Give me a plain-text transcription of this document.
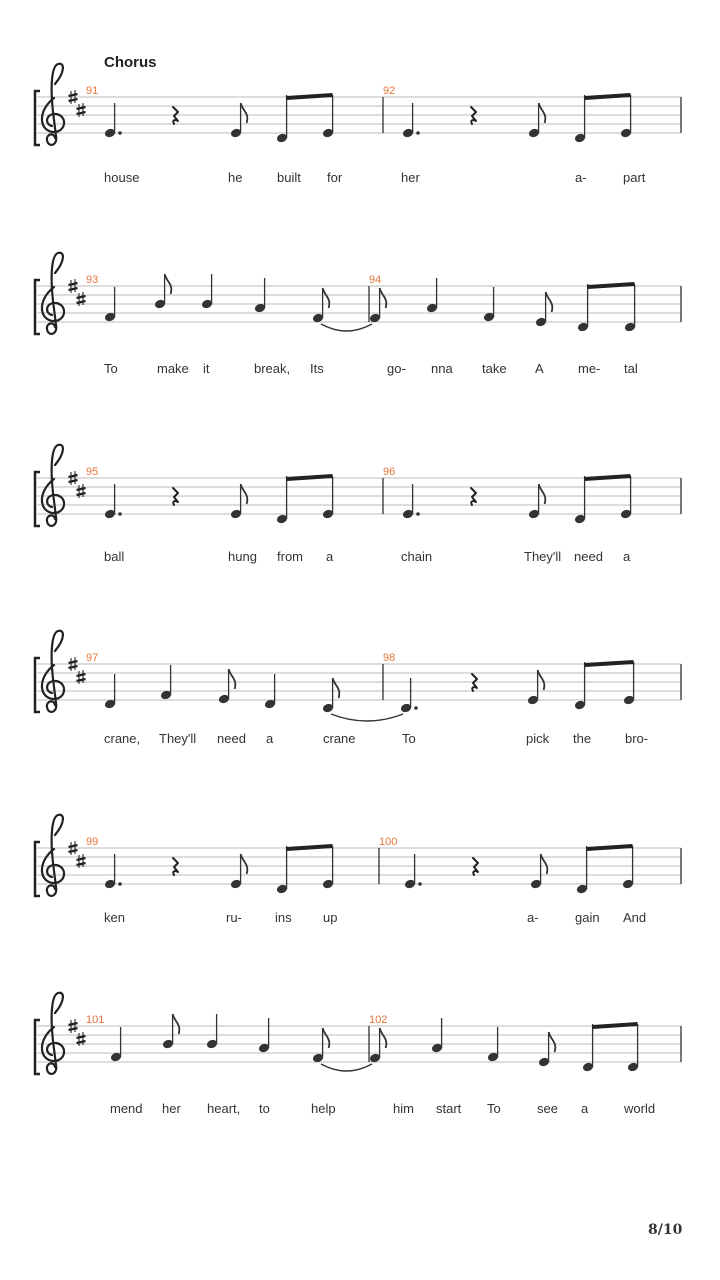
Chorus
91	92
house	he	built for	her	a-	part
93	94
To	make it	break, Its	go- nna take A	me- tal
95	96
ball	hung from a	chain	They'll need a
97	98
crane, They'll need a	crane	To	pick the	bro-
99	100
ken	ru-	ins up	a-	gain And
101	102
mend her heart, to	help	him start To	see a	world
8/10
